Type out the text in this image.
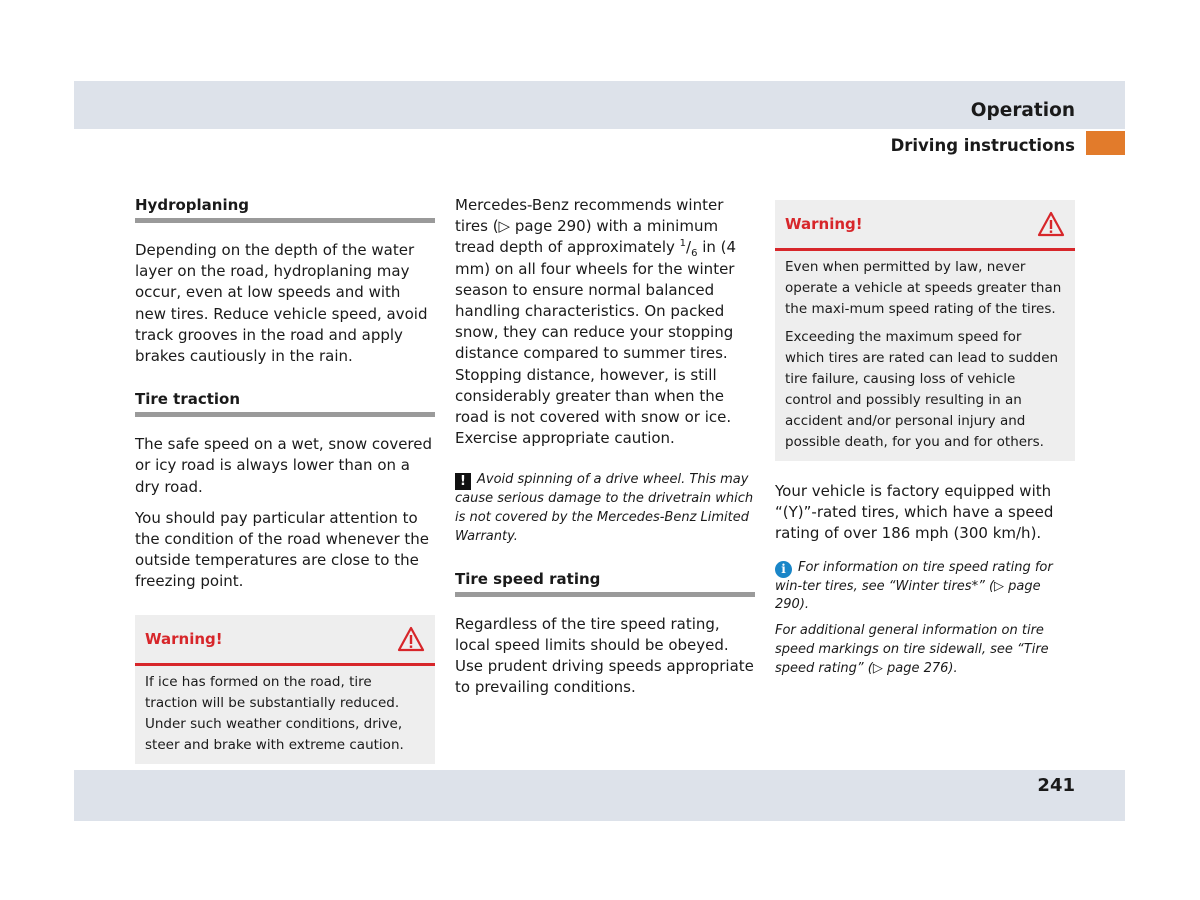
Operation
Driving instructions
Hydroplaning

Depending on the depth of the water layer on the road, hydroplaning may occur, even at low speeds and with new tires. Reduce vehicle speed, avoid track grooves in the road and apply brakes cautiously in the rain.

Tire traction

The safe speed on a wet, snow covered or icy road is always lower than on a dry road.

You should pay particular attention to the condition of the road whenever the outside temperatures are close to the freezing point.

Warning!

If ice has formed on the road, tire traction will be substantially reduced. Under such weather conditions, drive, steer and brake with extreme caution.

Mercedes-Benz recommends winter tires (▷ page 290) with a minimum tread depth of approximately $^1/_6$ in (4 mm) on all four wheels for the winter season to ensure normal balanced handling characteristics. On packed snow, they can reduce your stopping distance compared to summer tires. Stopping distance, however, is still considerably greater than when the road is not covered with snow or ice. Exercise appropriate caution.

! Avoid spinning of a drive wheel. This may cause serious damage to the drivetrain which is not covered by the Mercedes-Benz Limited Warranty.

Tire speed rating

Regardless of the tire speed rating, local speed limits should be obeyed. Use prudent driving speeds appropriate to prevailing conditions.

Warning!

Even when permitted by law, never operate a vehicle at speeds greater than the maxi-mum speed rating of the tires.

Exceeding the maximum speed for which tires are rated can lead to sudden tire failure, causing loss of vehicle control and possibly resulting in an accident and/or personal injury and possible death, for you and for others.

Your vehicle is factory equipped with “(Y)”-rated tires, which have a speed rating of over 186 mph (300 km/h).

i For information on tire speed rating for win-ter tires, see “Winter tires*” (▷ page 290).

For additional general information on tire speed markings on tire sidewall, see “Tire speed rating” (▷ page 276).

241
